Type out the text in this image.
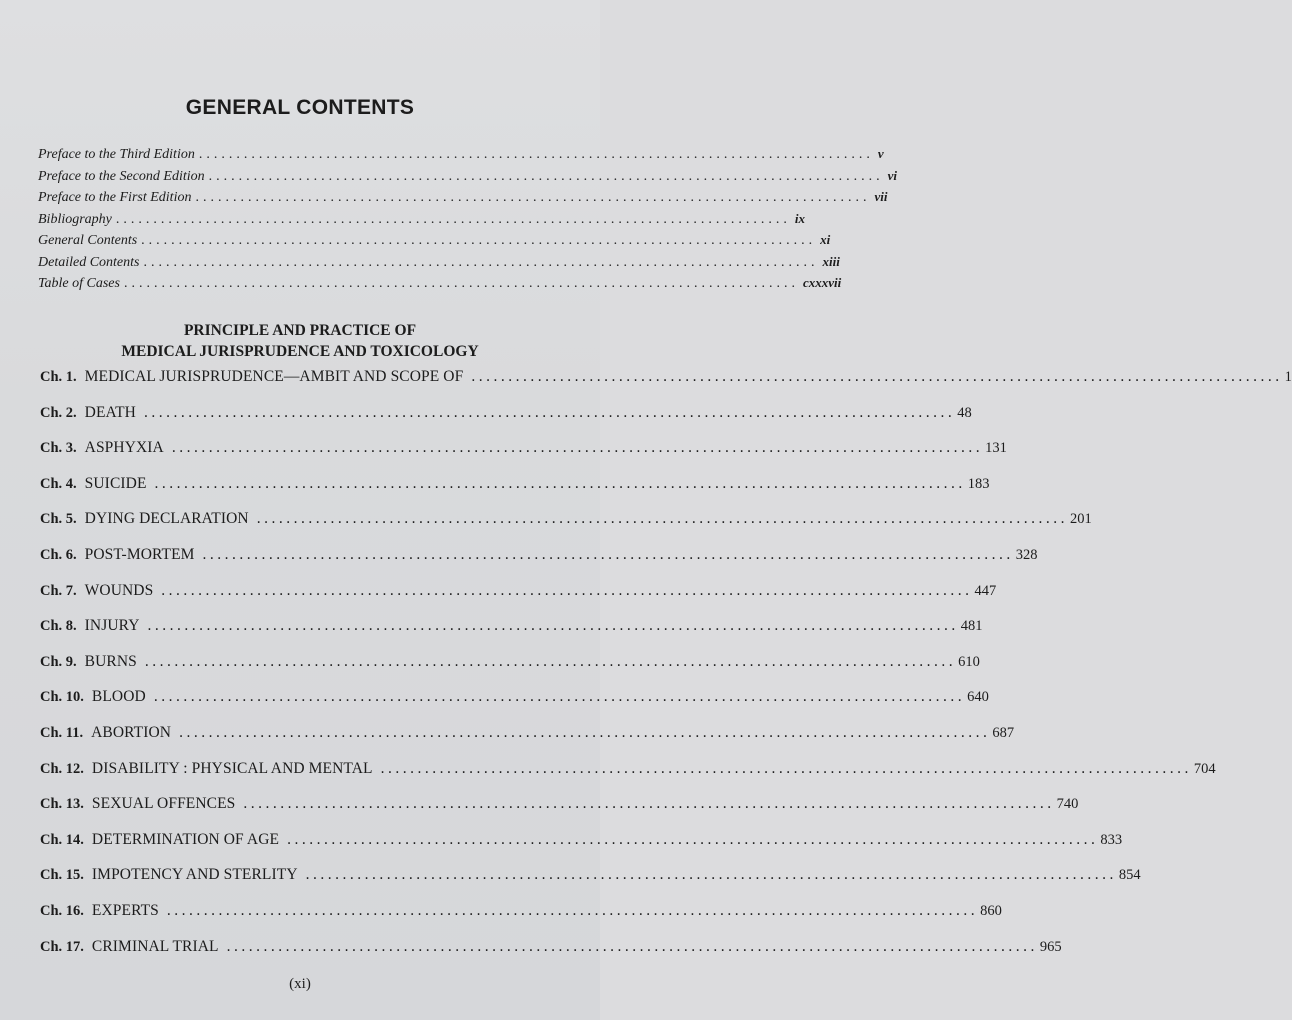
GENERAL CONTENTS
Preface to the Third Edition .......................................................................................... v
Preface to the Second Edition .......................................................................................... vi
Preface to the First Edition .......................................................................................... vii
Bibliography .......................................................................................... ix
General Contents .......................................................................................... xi
Detailed Contents .......................................................................................... xiii
Table of Cases .......................................................................................... cxxxvii
PRINCIPLE AND PRACTICE OF
MEDICAL JURISPRUDENCE AND TOXICOLOGY
Ch. 1. MEDICAL JURISPRUDENCE—AMBIT AND SCOPE OF .............................................................................................................. 1
Ch. 2. DEATH .............................................................................................................. 48
Ch. 3. ASPHYXIA .............................................................................................................. 131
Ch. 4. SUICIDE .............................................................................................................. 183
Ch. 5. DYING DECLARATION .............................................................................................................. 201
Ch. 6. POST-MORTEM .............................................................................................................. 328
Ch. 7. WOUNDS .............................................................................................................. 447
Ch. 8. INJURY .............................................................................................................. 481
Ch. 9. BURNS .............................................................................................................. 610
Ch. 10. BLOOD .............................................................................................................. 640
Ch. 11. ABORTION .............................................................................................................. 687
Ch. 12. DISABILITY : PHYSICAL AND MENTAL .............................................................................................................. 704
Ch. 13. SEXUAL OFFENCES .............................................................................................................. 740
Ch. 14. DETERMINATION OF AGE .............................................................................................................. 833
Ch. 15. IMPOTENCY AND STERLITY .............................................................................................................. 854
Ch. 16. EXPERTS .............................................................................................................. 860
Ch. 17. CRIMINAL TRIAL .............................................................................................................. 965
(xi)
